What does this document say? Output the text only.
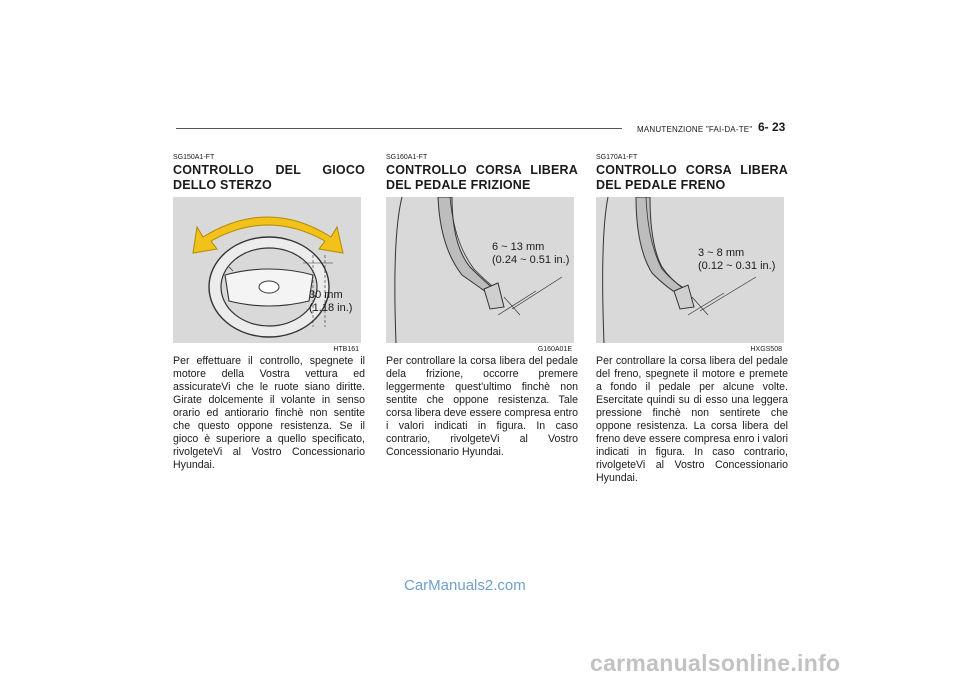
MANUTENZIONE "FAI-DA-TE" 6- 23
SG150A1-FT
CONTROLLO DEL GIOCO DELLO STERZO
30 mm
(1.18 in.)
HTB161
Per effettuare il controllo, spegnete il motore della Vostra vettura ed assicurateVi che le ruote siano diritte. Girate dolcemente il volante in senso orario ed antiorario finchè non sentite che questo oppone resistenza. Se il gioco è superiore a quello specificato, rivolgeteVi al Vostro Concessionario Hyundai.
SG160A1-FT
CONTROLLO CORSA LIBERA DEL PEDALE FRIZIONE
6 ~ 13 mm
(0.24 ~ 0.51 in.)
G160A01E
Per controllare la corsa libera del pedale dela frizione, occorre premere leggermente quest'ultimo finchè non sentite che oppone resistenza. Tale corsa libera deve essere compresa entro i valori indicati in figura. In caso contrario, rivolgeteVi al Vostro Concessionario Hyundai.
SG170A1-FT
CONTROLLO CORSA LIBERA DEL PEDALE FRENO
3 ~ 8 mm
(0.12 ~ 0.31 in.)
HXGS508
Per controllare la corsa libera del pedale del freno, spegnete il motore e premete a fondo il pedale per alcune volte. Esercitate quindi su di esso una leggera pressione finchè non sentirete che oppone resistenza. La corsa libera del freno deve essere compresa enro i valori indicati in figura. In caso contrario, rivolgeteVi al Vostro Concessionario Hyundai.
CarManuals2.com
carmanualsonline.info
